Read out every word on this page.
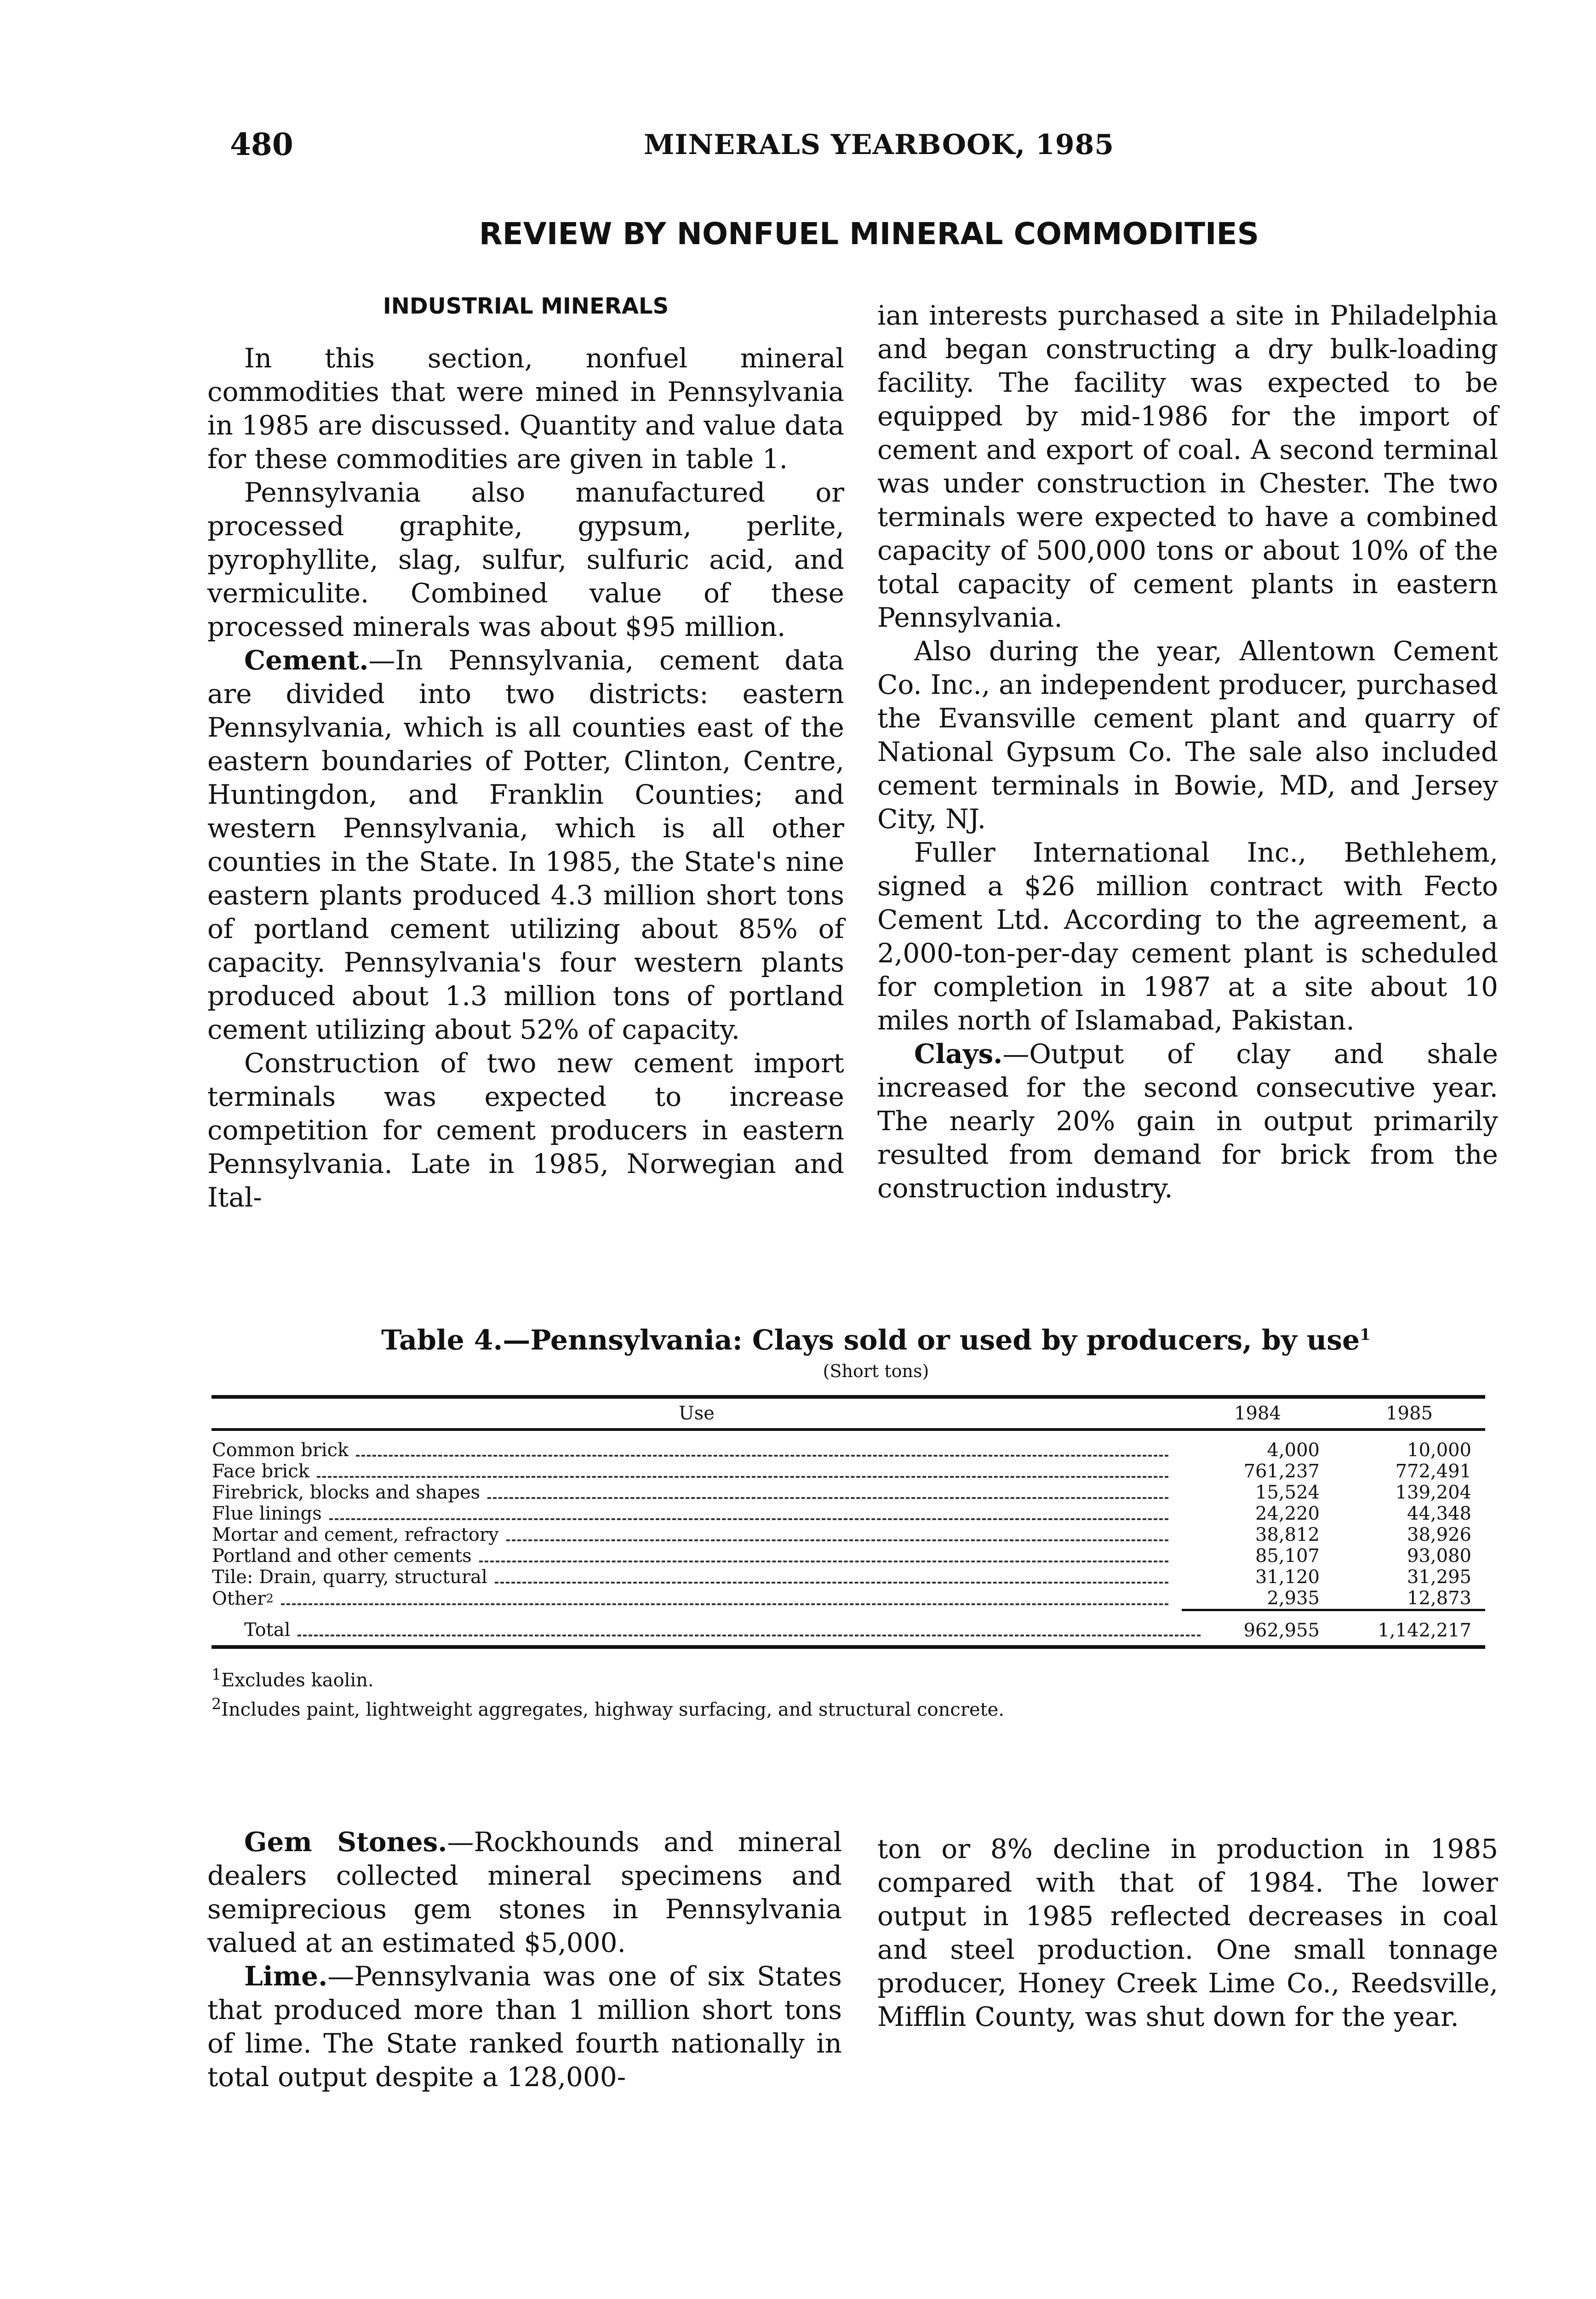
480	MINERALS YEARBOOK, 1985
REVIEW BY NONFUEL MINERAL COMMODITIES
INDUSTRIAL MINERALS

In this section, nonfuel mineral commodities that were mined in Pennsylvania in 1985 are discussed. Quantity and value data for these commodities are given in table 1.

Pennsylvania also manufactured or processed graphite, gypsum, perlite, pyrophyllite, slag, sulfur, sulfuric acid, and vermiculite. Combined value of these processed minerals was about $95 million.

Cement.—In Pennsylvania, cement data are divided into two districts: eastern Pennsylvania, which is all counties east of the eastern boundaries of Potter, Clinton, Centre, Huntingdon, and Franklin Counties; and western Pennsylvania, which is all other counties in the State. In 1985, the State's nine eastern plants produced 4.3 million short tons of portland cement utilizing about 85% of capacity. Pennsylvania's four western plants produced about 1.3 million tons of portland cement utilizing about 52% of capacity.

Construction of two new cement import terminals was expected to increase competition for cement producers in eastern Pennsylvania. Late in 1985, Norwegian and Ital-

ian interests purchased a site in Philadelphia and began constructing a dry bulk-loading facility. The facility was expected to be equipped by mid-1986 for the import of cement and export of coal. A second terminal was under construction in Chester. The two terminals were expected to have a combined capacity of 500,000 tons or about 10% of the total capacity of cement plants in eastern Pennsylvania.

Also during the year, Allentown Cement Co. Inc., an independent producer, purchased the Evansville cement plant and quarry of National Gypsum Co. The sale also included cement terminals in Bowie, MD, and Jersey City, NJ.

Fuller International Inc., Bethlehem, signed a $26 million contract with Fecto Cement Ltd. According to the agreement, a 2,000-ton-per-day cement plant is scheduled for completion in 1987 at a site about 10 miles north of Islamabad, Pakistan.

Clays.—Output of clay and shale increased for the second consecutive year. The nearly 20% gain in output primarily resulted from demand for brick from the construction industry.

Table 4.—Pennsylvania: Clays sold or used by producers, by use$^1$
(Short tons)
Use	1984	1985

Common brick	4,000	10,000

Face brick	761,237	772,491

Firebrick, blocks and shapes	15,524	139,204

Flue linings	24,220	44,348

Mortar and cement, refractory	38,812	38,926

Portland and other cements	85,107	93,080

Tile: Drain, quarry, structural	31,120	31,295

Other 2	2,935	12,873

Total	962,955	1,142,217
$^1$Excludes kaolin.
$^2$Includes paint, lightweight aggregates, highway surfacing, and structural concrete.

Gem Stones.—Rockhounds and mineral dealers collected mineral specimens and semiprecious gem stones in Pennsylvania valued at an estimated $5,000.

Lime.—Pennsylvania was one of six States that produced more than 1 million short tons of lime. The State ranked fourth nationally in total output despite a 128,000-

ton or 8% decline in production in 1985 compared with that of 1984. The lower output in 1985 reflected decreases in coal and steel production. One small tonnage producer, Honey Creek Lime Co., Reedsville, Mifflin County, was shut down for the year.
